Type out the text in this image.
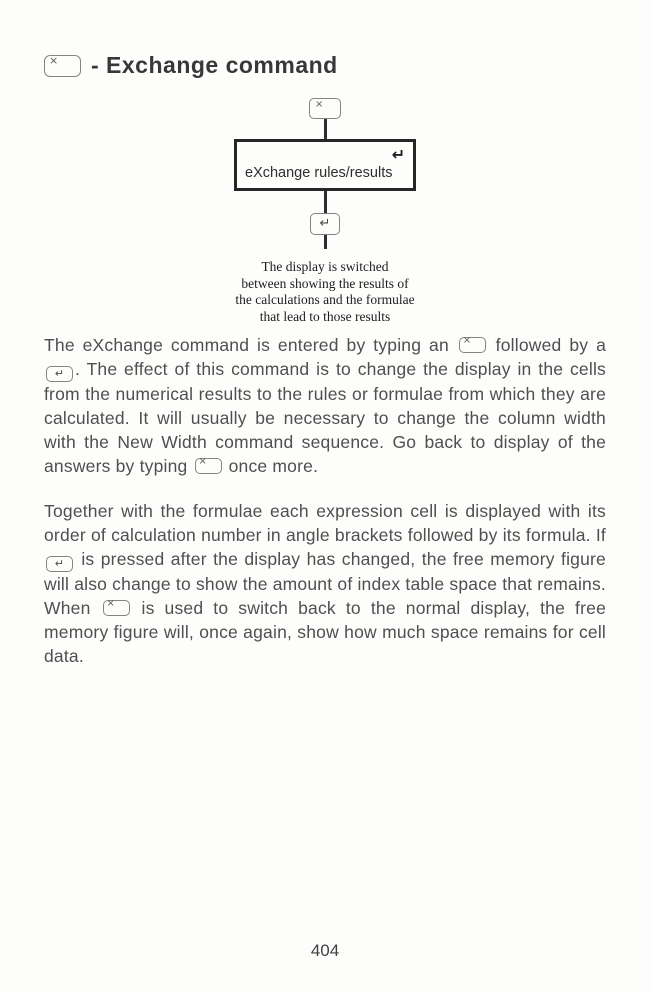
× - Exchange command
×
↵
eXchange rules/results
↵
The display is switched
between showing the results of
the calculations and the formulae
that lead to those results

The eXchange command is entered by typing an × followed by a
↵ . The effect of this command is to change the display in the cells from the numerical results to the rules or formulae from which they are calculated. It will usually be necessary to change the column width with the New Width command sequence. Go back to display of the answers by typing × once more.

Together with the formulae each expression cell is displayed with its order of calculation number in angle brackets followed by its formula. If
↵ is pressed after the display has changed, the free memory figure will also change to show the amount of index table space that remains. When × is used to switch back to the normal display, the free memory figure will, once again, show how much space remains for cell data.

404
